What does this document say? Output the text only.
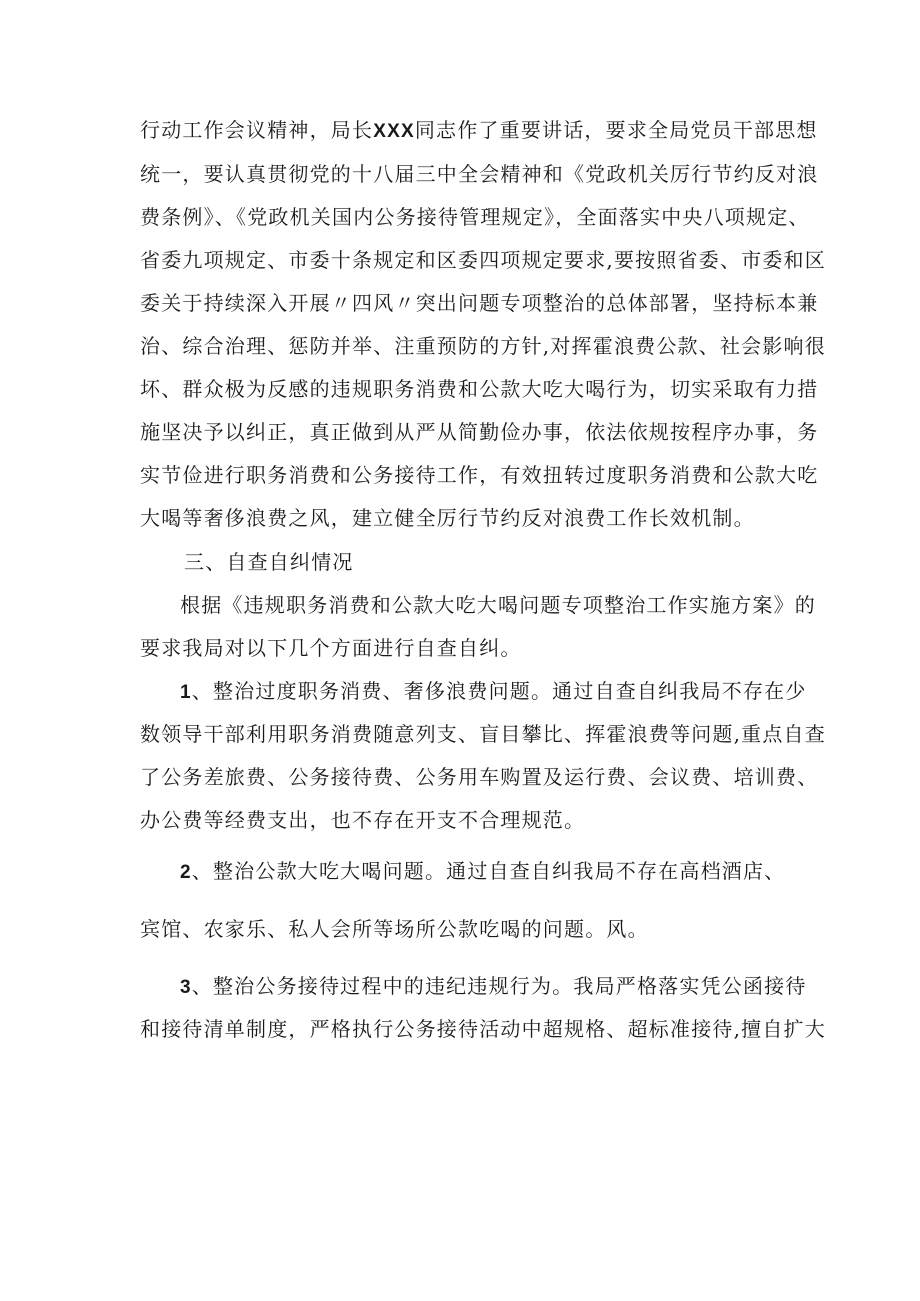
行动工作会议精神，局长XXX同志作了重要讲话，要求全局党员干部思想
统一，要认真贯彻党的十八届三中全会精神和《党政机关厉行节约反对浪
费条例》、《党政机关国内公务接待管理规定》，全面落实中央八项规定、
省委九项规定、市委十条规定和区委四项规定要求,要按照省委、市委和区
委关于持续深入开展〃四风〃突出问题专项整治的总体部署，坚持标本兼
治、综合治理、惩防并举、注重预防的方针,对挥霍浪费公款、社会影响很
坏、群众极为反感的违规职务消费和公款大吃大喝行为，切实采取有力措
施坚决予以纠正，真正做到从严从简勤俭办事，依法依规按程序办事，务
实节俭进行职务消费和公务接待工作，有效扭转过度职务消费和公款大吃
大喝等奢侈浪费之风，建立健全厉行节约反对浪费工作长效机制。
三、自查自纠情况
根据《违规职务消费和公款大吃大喝问题专项整治工作实施方案》的
要求我局对以下几个方面进行自查自纠。
1、整治过度职务消费、奢侈浪费问题。通过自查自纠我局不存在少
数领导干部利用职务消费随意列支、盲目攀比、挥霍浪费等问题,重点自查
了公务差旅费、公务接待费、公务用车购置及运行费、会议费、培训费、
办公费等经费支出，也不存在开支不合理规范。
2、整治公款大吃大喝问题。通过自查自纠我局不存在高档酒店、
宾馆、农家乐、私人会所等场所公款吃喝的问题。风。
3、整治公务接待过程中的违纪违规行为。我局严格落实凭公函接待
和接待清单制度，严格执行公务接待活动中超规格、超标准接待,擅自扩大
